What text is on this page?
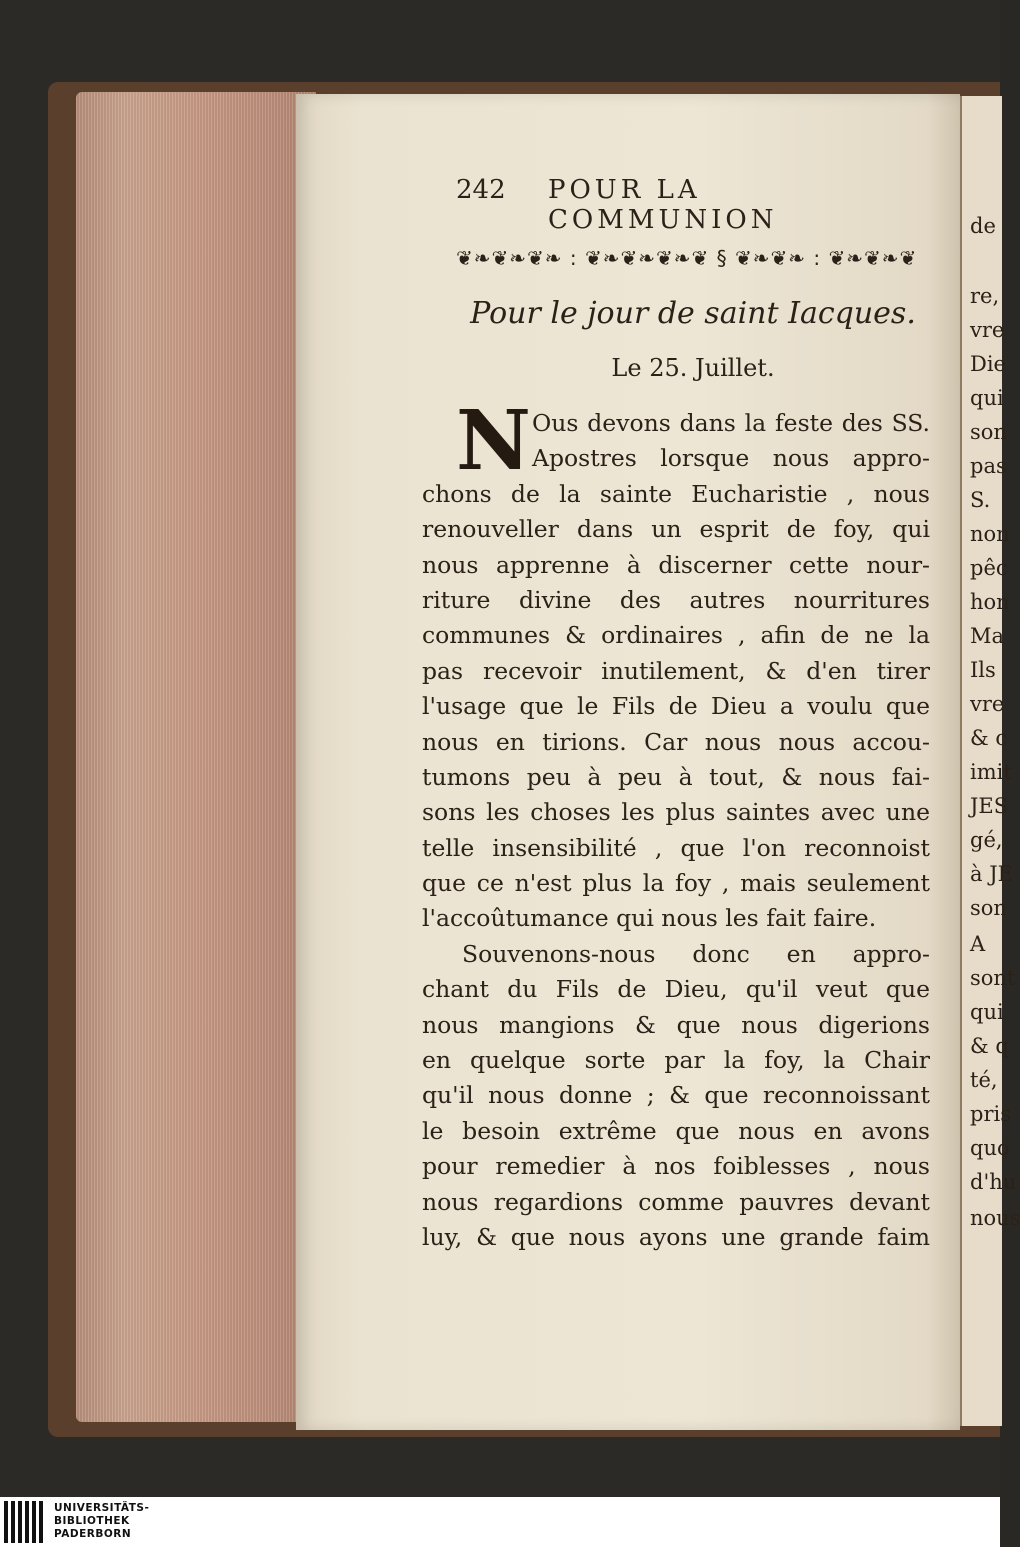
242 POUR LA COMMUNION
❦❧❦❧❦❧ : ❦❧❦❧❦❧❦ § ❦❧❦❧ : ❦❧❦❧❦
Pour le jour de saint Iacques.
Le 25. Juillet.
N Ous devons dans la feste des SS.
Apostres lorsque nous appro-
chons de la sainte Eucharistie , nous
renouveller dans un esprit de foy, qui
nous apprenne à discerner cette nour-
riture divine des autres nourritures
communes & ordinaires , afin de ne la
pas recevoir inutilement, & d'en tirer
l'usage que le Fils de Dieu a voulu que
nous en tirions. Car nous nous accou-
tumons peu à peu à tout, & nous fai-
sons les choses les plus saintes avec une
telle insensibilité , que l'on reconnoist
que ce n'est plus la foy , mais seulement
l'accoûtumance qui nous les fait faire.
Souvenons-nous donc en appro-
chant du Fils de Dieu, qu'il veut que
nous mangions & que nous digerions
en quelque sorte par la foy, la Chair
qu'il nous donne ; & que reconnoissant
le besoin extrême que nous en avons
pour remedier à nos foiblesses , nous
nous regardions comme pauvres devant
luy, & que nous ayons une grande faim
de
re,
vre
Die
qui
son
pas
S.
non
pêc
hon
Ma
Ils
vre
& c
imit
JES
gé,
à JE
son
A
sont
qui
& q
té,
pris
quo
d'hu
nous
UNIVERSITÄTS-
BIBLIOTHEK
PADERBORN
